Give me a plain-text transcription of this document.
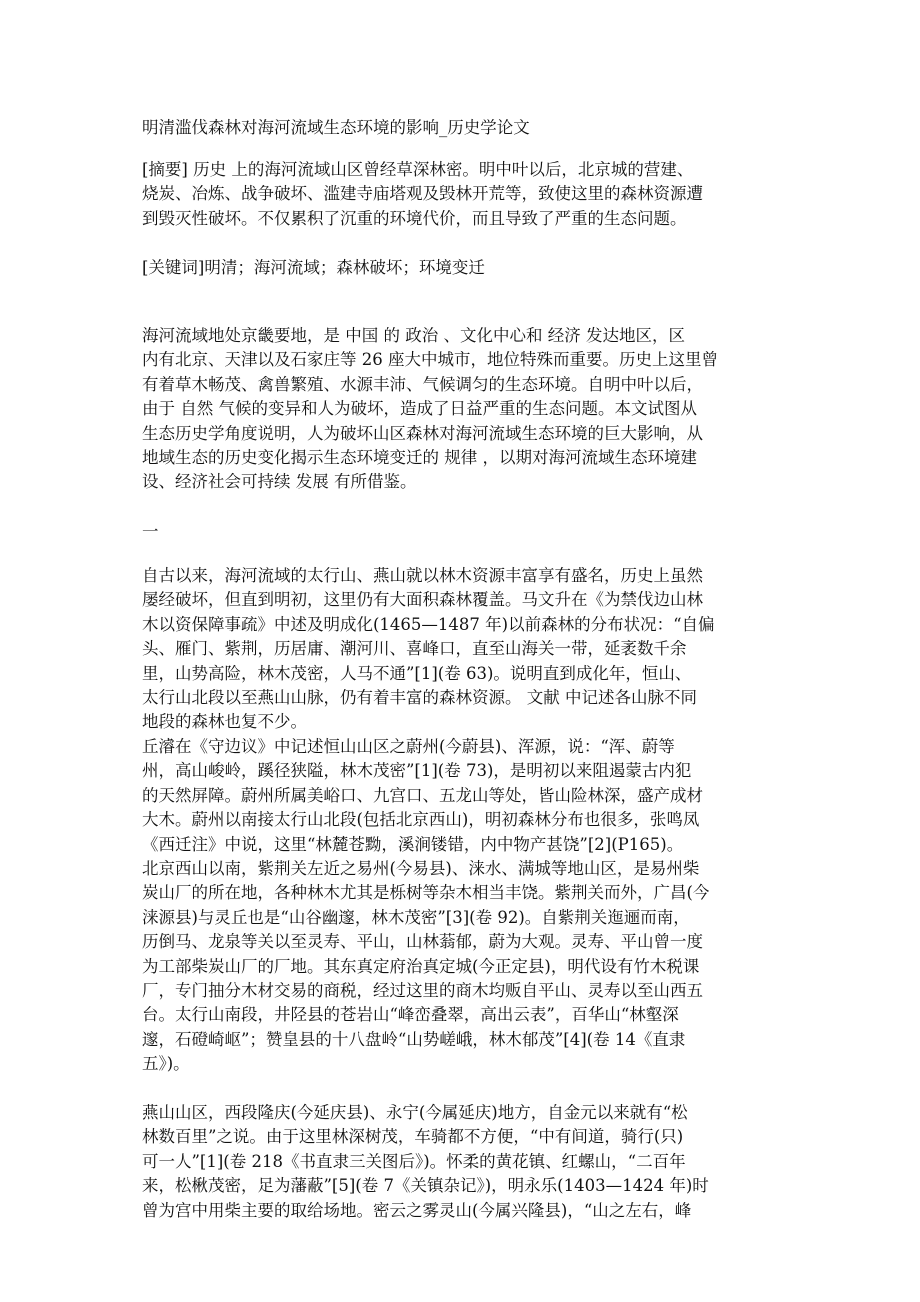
明清滥伐森林对海河流域生态环境的影响_历史学论文
[摘要] 历史 上的海河流域山区曾经草深林密。明中叶以后，北京城的营建、
烧炭、冶炼、战争破坏、滥建寺庙塔观及毁林开荒等，致使这里的森林资源遭
到毁灭性破坏。不仅累积了沉重的环境代价，而且导致了严重的生态问题。
[关键词]明清；海河流域；森林破坏；环境变迁
海河流域地处京畿要地，是 中国 的 政治 、文化中心和 经济 发达地区，区
内有北京、天津以及石家庄等 26 座大中城市，地位特殊而重要。历史上这里曾
有着草木畅茂、禽兽繁殖、水源丰沛、气候调匀的生态环境。自明中叶以后，
由于 自然 气候的变异和人为破坏，造成了日益严重的生态问题。本文试图从
生态历史学角度说明，人为破坏山区森林对海河流域生态环境的巨大影响，从
地域生态的历史变化揭示生态环境变迁的 规律 ，以期对海河流域生态环境建
设、经济社会可持续 发展 有所借鉴。
一
自古以来，海河流域的太行山、燕山就以林木资源丰富享有盛名，历史上虽然
屡经破坏，但直到明初，这里仍有大面积森林覆盖。马文升在《为禁伐边山林
木以资保障事疏》中述及明成化(1465—1487 年)以前森林的分布状况：“自偏
头、雁门、紫荆，历居庸、潮河川、喜峰口，直至山海关一带，延袤数千余
里，山势高险，林木茂密，人马不通”[1](卷 63)。说明直到成化年，恒山、
太行山北段以至燕山山脉，仍有着丰富的森林资源。 文献 中记述各山脉不同
地段的森林也复不少。
丘濬在《守边议》中记述恒山山区之蔚州(今蔚县)、浑源，说：“浑、蔚等
州，高山峻岭，蹊径狭隘，林木茂密”[1](卷 73)，是明初以来阻遏蒙古内犯
的天然屏障。蔚州所属美峪口、九宫口、五龙山等处，皆山险林深，盛产成材
大木。蔚州以南接太行山北段(包括北京西山)，明初森林分布也很多，张鸣凤
《西迁注》中说，这里“林麓苍黝，溪涧镂错，内中物产甚饶”[2](P165)。
北京西山以南，紫荆关左近之易州(今易县)、涞水、满城等地山区，是易州柴
炭山厂的所在地，各种林木尤其是栎树等杂木相当丰饶。紫荆关而外，广昌(今
涞源县)与灵丘也是“山谷幽邃，林木茂密”[3](卷 92)。自紫荆关迤逦而南，
历倒马、龙泉等关以至灵寿、平山，山林蓊郁，蔚为大观。灵寿、平山曾一度
为工部柴炭山厂的厂地。其东真定府治真定城(今正定县)，明代设有竹木税课
厂，专门抽分木材交易的商税，经过这里的商木均贩自平山、灵寿以至山西五
台。太行山南段，井陉县的苍岩山“峰峦叠翠，高出云表”，百华山“林壑深
邃，石磴崎岖”；赞皇县的十八盘岭“山势嵯峨，林木郁茂”[4](卷 14《直隶
五》)。
燕山山区，西段隆庆(今延庆县)、永宁(今属延庆)地方，自金元以来就有“松
林数百里”之说。由于这里林深树茂，车骑都不方便，“中有间道，骑行(只)
可一人”[1](卷 218《书直隶三关图后》)。怀柔的黄花镇、红螺山，“二百年
来，松楸茂密，足为藩蔽”[5](卷 7《关镇杂记》)，明永乐(1403—1424 年)时
曾为宫中用柴主要的取给场地。密云之雾灵山(今属兴隆县)，“山之左右，峰
